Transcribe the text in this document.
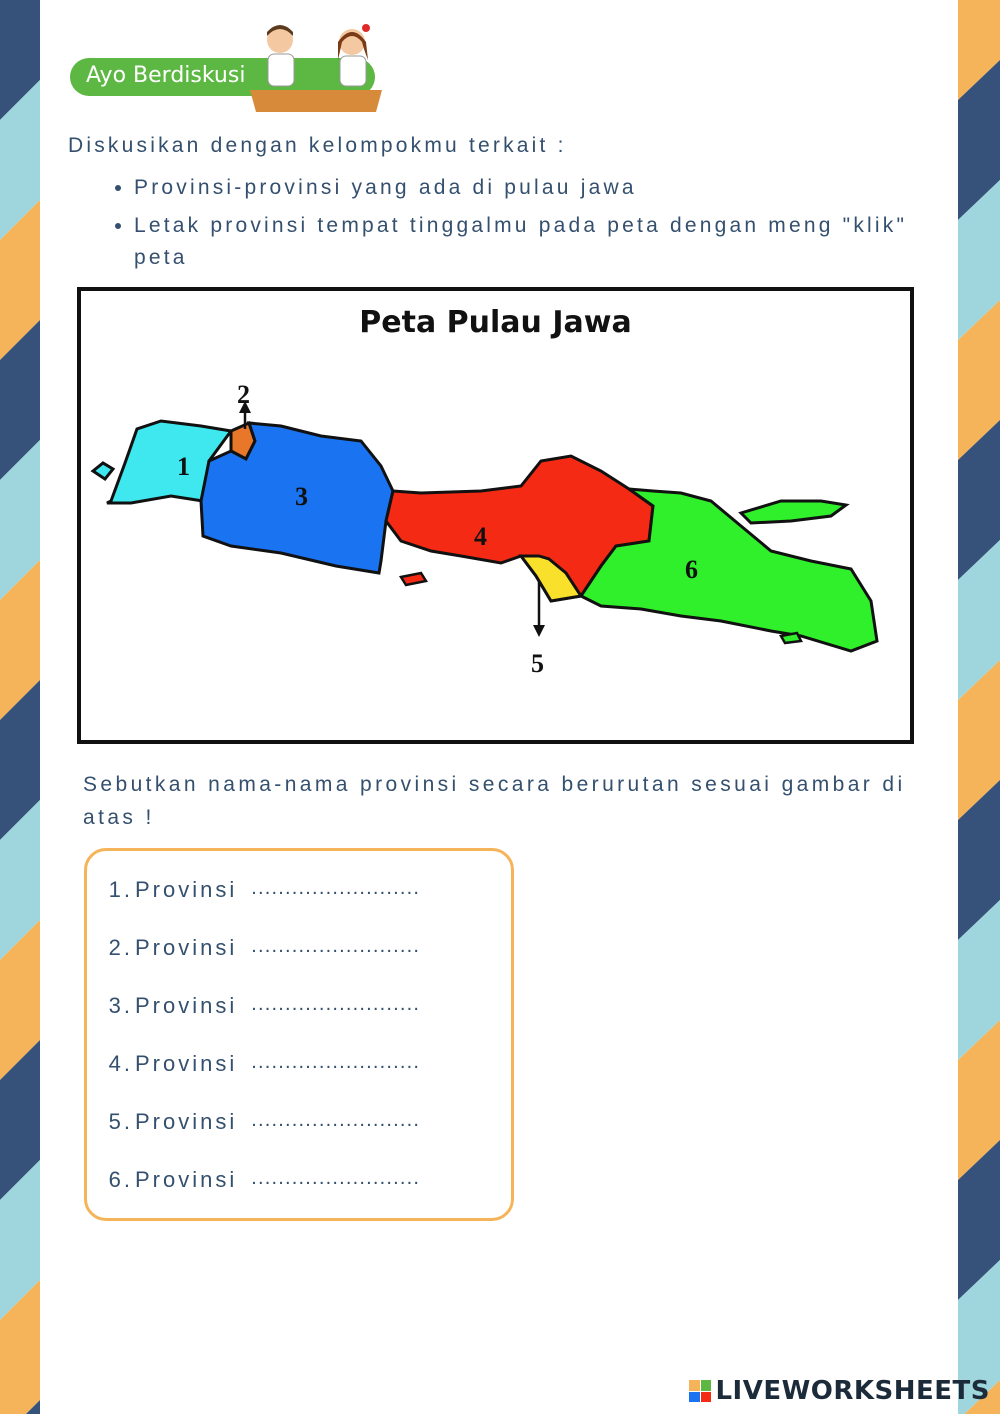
Ayo Berdiskusi

Diskusikan dengan kelompokmu terkait :

• Provinsi-provinsi yang ada di pulau jawa
• Letak provinsi tempat tinggalmu pada peta dengan meng "klik" peta
Peta Pulau Jawa
1
2
3
4
5
6

Sebutkan nama-nama provinsi secara berurutan sesuai gambar di atas !

1. Provinsi .........................
2. Provinsi .........................
3. Provinsi .........................
4. Provinsi .........................
5. Provinsi .........................
6. Provinsi .........................
LIVEWORKSHEETS
